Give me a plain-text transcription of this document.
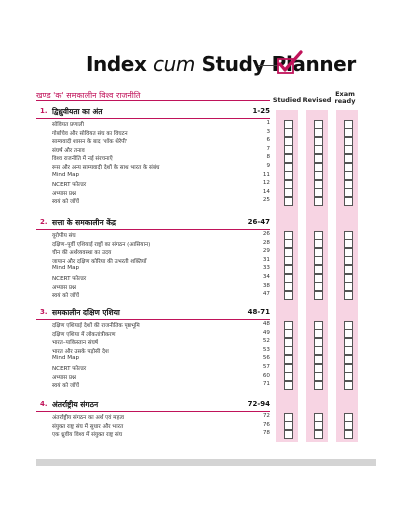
Index cum Study Planner
खण्ड 'क' समकालीन विश्व राजनीति	Studied Revised
Exam
ready
1. द्विध्रुवीयता का अंत	1-25
सोवियत प्रणाली	1
गोर्बाचेव और सोवियत संघ का विघटन	3
साम्यवादी शासन के बाद 'शॉक थेरेपी'	6
संघर्ष और तनाव	7
विश्व राजनीति में नई संरचनाएँ	8
रूस और अन्य साम्यवादी देशों के साथ भारत के संबंध	9
Mind Map	11
NCERT फोल्डर	12
अभ्यास प्रश्न	14
स्वयं को जाँचें	25
2. सत्ता के समकालीन केंद्र	26-47
यूरोपीय संघ	26
दक्षिण–पूर्वी एशियाई राष्ट्रों का संगठन (आसियान)	28
चीन की अर्थव्यवस्था का उदय	29
जापान और दक्षिण कोरिया की उभरती शक्तियाँ	31
Mind Map	33
NCERT फोल्डर	34
अभ्यास प्रश्न	38
स्वयं को जाँचें	47
3. समकालीन दक्षिण एशिया	48-71
दक्षिण एशियाई देशों की राजनीतिक पृष्ठभूमि	48
दक्षिण एशिया में लोकतांत्रीकरण	49
भारत–पाकिस्तान संघर्ष	52
भारत और उसके पड़ोसी देश	53
Mind Map	56
NCERT फोल्डर	57
अभ्यास प्रश्न	60
स्वयं को जाँचें	71
4. अंतर्राष्ट्रीय संगठन	72-94
अंतर्राष्ट्रीय संगठन का अर्थ एवं महत्व	72
संयुक्त राष्ट्र संघ में सुधार और भारत	76
एक ध्रुवीय विश्व में संयुक्त राष्ट्र संघ	78
